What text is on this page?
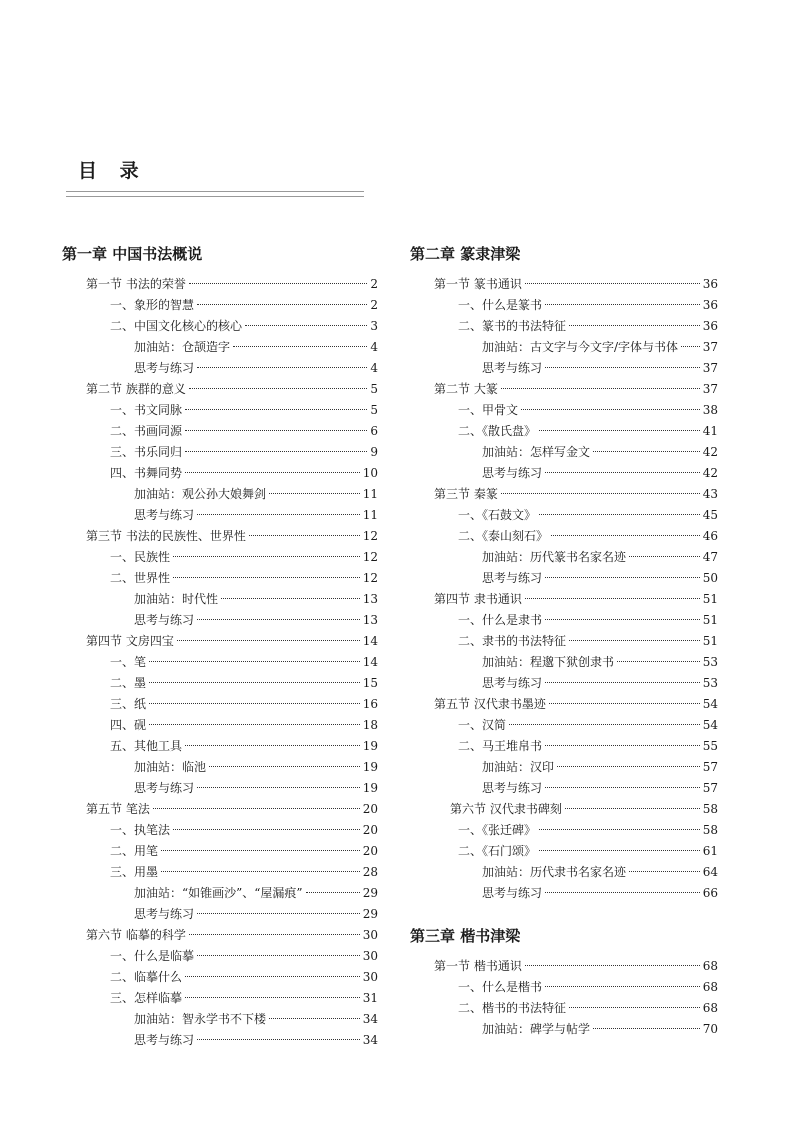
目 录
第一章 中国书法概说
第一节 书法的荣誉	2
一、象形的智慧	2
二、中国文化核心的核心	3
加油站：仓颉造字	4
思考与练习	4
第二节 族群的意义	5
一、书文同脉	5
二、书画同源	6
三、书乐同归	9
四、书舞同势	10
加油站：观公孙大娘舞剑	11
思考与练习	11
第三节 书法的民族性、世界性	12
一、民族性	12
二、世界性	12
加油站：时代性	13
思考与练习	13
第四节 文房四宝	14
一、笔	14
二、墨	15
三、纸	16
四、砚	18
五、其他工具	19
加油站：临池	19
思考与练习	19
第五节 笔法	20
一、执笔法	20
二、用笔	20
三、用墨	28
加油站：“如锥画沙”、“屋漏痕”	29
思考与练习	29
第六节 临摹的科学	30
一、什么是临摹	30
二、临摹什么	30
三、怎样临摹	31
加油站：智永学书不下楼	34
思考与练习	34
第二章 篆隶津梁
第一节 篆书通识	36
一、什么是篆书	36
二、篆书的书法特征	36
加油站：古文字与今文字/字体与书体 37
思考与练习	37
第二节 大篆	37
一、甲骨文	38
二、《散氏盘》	41
加油站：怎样写金文	42
思考与练习	42
第三节 秦篆	43
一、《石鼓文》	45
二、《泰山刻石》	46
加油站：历代篆书名家名迹	47
思考与练习	50
第四节 隶书通识	51
一、什么是隶书	51
二、隶书的书法特征	51
加油站：程邈下狱创隶书	53
思考与练习	53
第五节 汉代隶书墨迹	54
一、汉简	54
二、马王堆帛书	55
加油站：汉印	57
思考与练习	57
第六节 汉代隶书碑刻	58
一、《张迁碑》	58
二、《石门颂》	61
加油站：历代隶书名家名迹	64
思考与练习	66
第三章 楷书津梁
第一节 楷书通识	68
一、什么是楷书	68
二、楷书的书法特征	68
加油站：碑学与帖学	70
